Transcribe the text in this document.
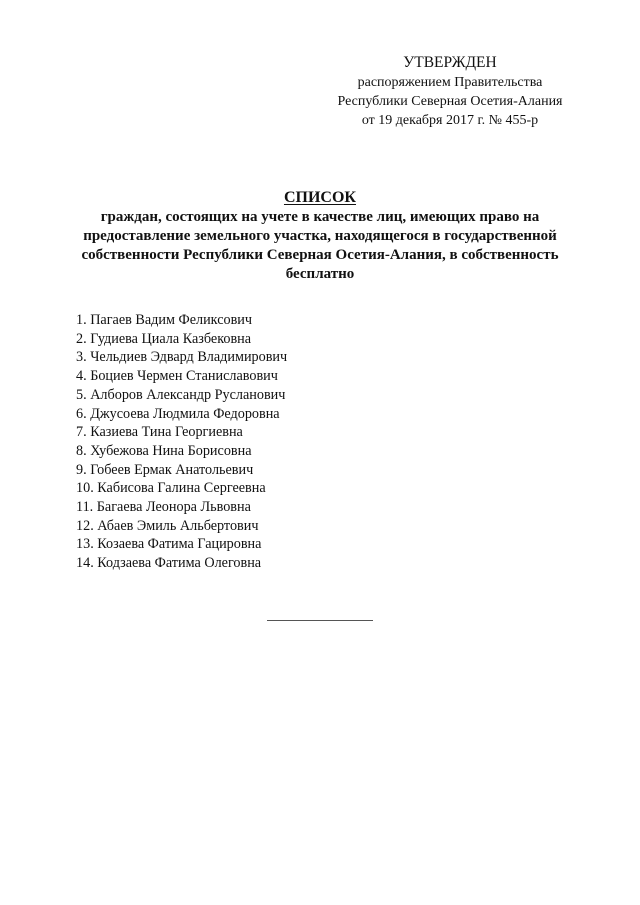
УТВЕРЖДЕН
распоряжением Правительства
Республики Северная Осетия-Алания
от 19 декабря 2017 г. № 455-р
СПИСОК
граждан, состоящих на учете в качестве лиц, имеющих право на
предоставление земельного участка, находящегося в государственной
собственности Республики Северная Осетия-Алания, в собственность
бесплатно
1. Пагаев Вадим Феликсович
2. Гудиева Циала Казбековна
3. Чельдиев Эдвард Владимирович
4. Боциев Чермен Станиславович
5. Алборов Александр Русланович
6. Джусоева Людмила Федоровна
7. Казиева Тина Георгиевна
8. Хубежова Нина Борисовна
9. Гобеев Ермак Анатольевич
10. Кабисова Галина Сергеевна
11. Багаева Леонора Львовна
12. Абаев Эмиль Альбертович
13. Козаева Фатима Гацировна
14. Кодзаева Фатима Олеговна
